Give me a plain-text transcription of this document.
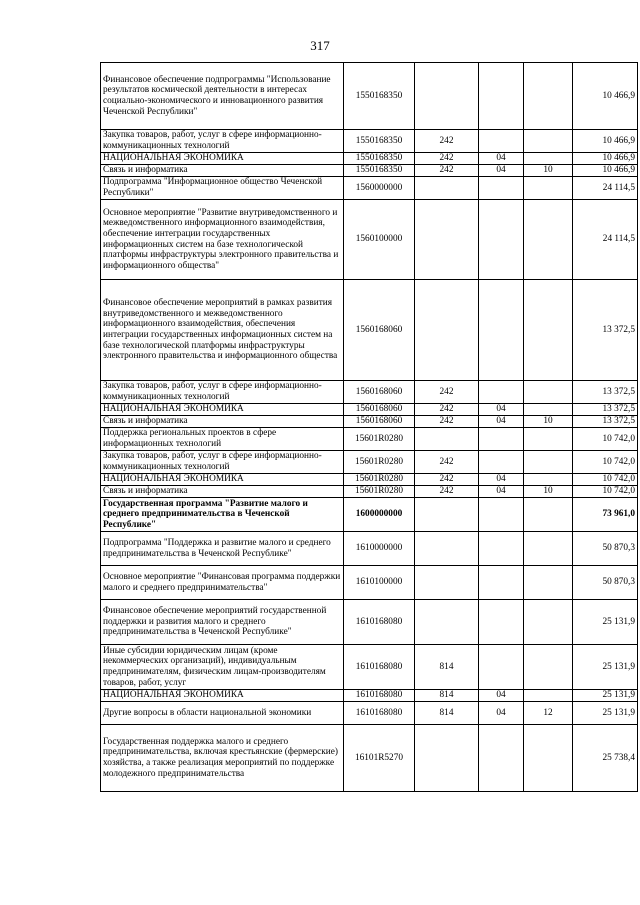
317
Финансовое обеспечение подпрограммы "Использование результатов космической деятельности в интересах социально-экономического и инновационного развития Чеченской Республики"	1550168350				10 466,9
Закупка товаров, работ, услуг в сфере информационно-коммуникационных технологий	1550168350	242			10 466,9
НАЦИОНАЛЬНАЯ ЭКОНОМИКА	1550168350	242	04		10 466,9
Связь и информатика	1550168350	242	04	10	10 466,9
Подпрограмма "Информационное общество Чеченской Республики"	1560000000				24 114,5
Основное мероприятие "Развитие внутриведомственного и межведомственного информационного взаимодействия, обеспечение интеграции государственных информационных систем на базе технологической платформы инфраструктуры электронного правительства и информационного общества"	1560100000				24 114,5
Финансовое обеспечение мероприятий в рамках развития внутриведомственного и межведомственного информационного взаимодействия, обеспечения интеграции государственных информационных систем на базе технологической платформы инфраструктуры электронного правительства и информационного общества	1560168060				13 372,5
Закупка товаров, работ, услуг в сфере информационно-коммуникационных технологий	1560168060	242			13 372,5
НАЦИОНАЛЬНАЯ ЭКОНОМИКА	1560168060	242	04		13 372,5
Связь и информатика	1560168060	242	04	10	13 372,5
Поддержка региональных проектов в сфере информационных технологий	15601R0280				10 742,0
Закупка товаров, работ, услуг в сфере информационно-коммуникационных технологий	15601R0280	242			10 742,0
НАЦИОНАЛЬНАЯ ЭКОНОМИКА	15601R0280	242	04		10 742,0
Связь и информатика	15601R0280	242	04	10	10 742,0
Государственная программа "Развитие малого и среднего предпринимательства в Чеченской Республике"	1600000000				73 961,0
Подпрограмма "Поддержка и развитие малого и среднего предпринимательства в Чеченской Республике"	1610000000				50 870,3
Основное мероприятие "Финансовая программа поддержки малого и среднего предпринимательства"	1610100000				50 870,3
Финансовое обеспечение мероприятий государственной поддержки и развития малого и среднего предпринимательства в Чеченской Республике"	1610168080				25 131,9
Иные субсидии юридическим лицам (кроме некоммерческих организаций), индивидуальным предпринимателям, физическим лицам-производителям товаров, работ, услуг	1610168080	814			25 131,9
НАЦИОНАЛЬНАЯ ЭКОНОМИКА	1610168080	814	04		25 131,9
Другие вопросы в области национальной экономики	1610168080	814	04	12	25 131,9
Государственная поддержка малого и среднего предпринимательства, включая крестьянские (фермерские) хозяйства, а также реализация мероприятий по поддержке молодежного предпринимательства	16101R5270				25 738,4
